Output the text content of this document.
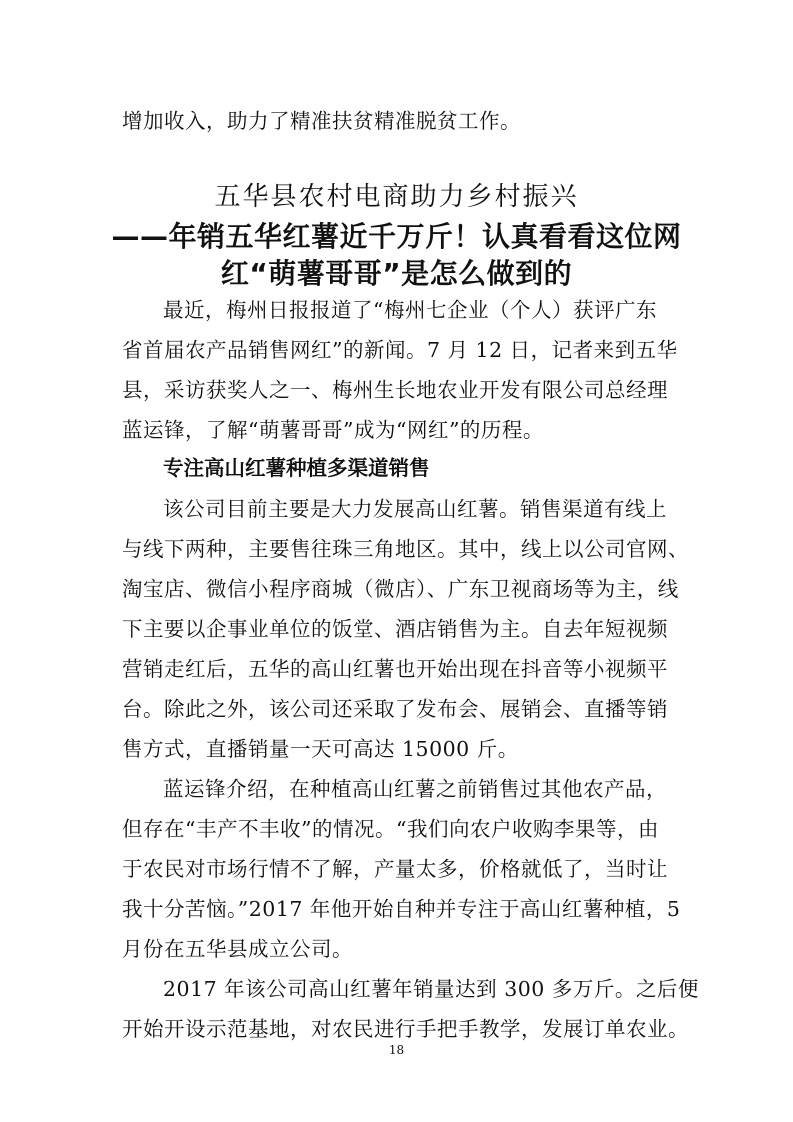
增加收入，助力了精准扶贫精准脱贫工作。
五华县农村电商助力乡村振兴
——年销五华红薯近千万斤！认真看看这位网
红“萌薯哥哥”是怎么做到的
最近，梅州日报报道了“梅州七企业（个人）获评广东
省首届农产品销售网红”的新闻。7 月 12 日，记者来到五华
县，采访获奖人之一、梅州生长地农业开发有限公司总经理
蓝运锋，了解“萌薯哥哥”成为“网红”的历程。
专注高山红薯种植多渠道销售
该公司目前主要是大力发展高山红薯。销售渠道有线上
与线下两种，主要售往珠三角地区。其中，线上以公司官网、
淘宝店、微信小程序商城（微店）、广东卫视商场等为主，线
下主要以企事业单位的饭堂、酒店销售为主。自去年短视频
营销走红后，五华的高山红薯也开始出现在抖音等小视频平
台。除此之外，该公司还采取了发布会、展销会、直播等销
售方式，直播销量一天可高达 15000 斤。
蓝运锋介绍，在种植高山红薯之前销售过其他农产品，
但存在“丰产不丰收”的情况。“我们向农户收购李果等，由
于农民对市场行情不了解，产量太多，价格就低了，当时让
我十分苦恼。”2017 年他开始自种并专注于高山红薯种植，5
月份在五华县成立公司。
2017 年该公司高山红薯年销量达到 300 多万斤。之后便
开始开设示范基地，对农民进行手把手教学，发展订单农业。
18
